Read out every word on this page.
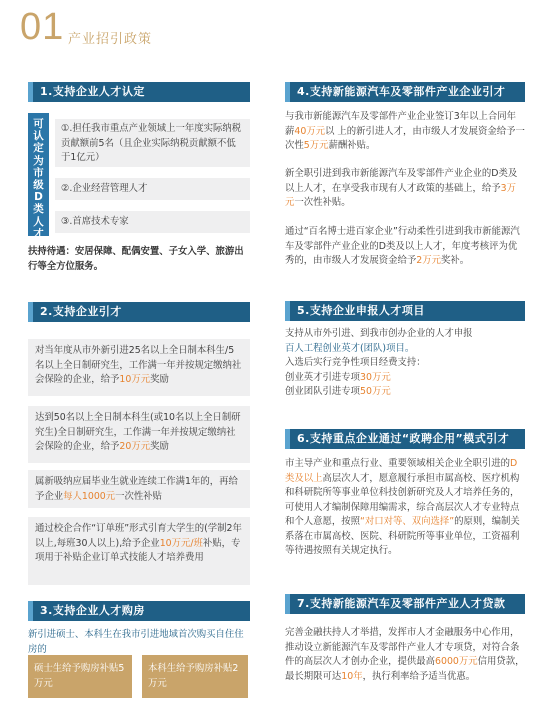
01 产业招引政策
1.支持企业人才认定
可
认
定
为
市
级
D
类
人
才
①.担任我市重点产业领域上一年度实际纳税贡献额前5名（且企业实际纳税贡献额不低于1亿元）
②.企业经营管理人才
③.首席技术专家
扶持待遇：安居保障、配偶安置、子女入学、旅游出行等全方位服务。
2.支持企业引才
对当年度从市外新引进25名以上全日制本科生/5名以上全日制研究生，工作满一年并按规定缴纳社会保险的企业，给予10万元奖励
达到50名以上全日制本科生(或10名以上全日制研究生)全日制研究生，工作满一年并按规定缴纳社会保险的企业，给予20万元奖励
属新吸纳应届毕业生就业连续工作满1年的，再给予企业每人1000元一次性补贴
通过校企合作“订单班”形式引育大学生的(学制2年以上,每班30人以上),给予企业10万元/班补贴，专项用于补贴企业订单式技能人才培养费用
3.支持企业人才购房
新引进硕士、本科生在我市引进地域首次购买自住住房的
硕士生给予购房补贴5万元
本科生给予购房补贴2万元
4.支持新能源汽车及零部件产业企业引才
与我市新能源汽车及零部件产业企业签订3年以上合同年薪40万元以 上的新引进人才，由市级人才发展资金给予一次性5万元薪酬补贴。
新全职引进到我市新能源汽车及零部件产业企业的D类及以上人才，在享受我市现有人才政策的基础上，给予3万元一次性补贴。
通过“百名博士进百家企业”行动柔性引进到我市新能源汽车及零部件产业企业的D类及以上人才，年度考核评为优秀的，由市级人才发展资金给予2万元奖补。
5.支持企业申报人才项目
支持从市外引进、到我市创办企业的人才申报
百人工程创业英才(团队)项目。
入选后实行竞争性项目经费支持：
创业英才引进专项30万元
创业团队引进专项50万元
6.支持重点企业通过“政聘企用”模式引才
市主导产业和重点行业、重要领域相关企业全职引进的D类及以上高层次人才，愿意履行承担市属高校、医疗机构和科研院所等事业单位科技创新研究及人才培养任务的，可使用人才编制保障用编需求，综合高层次人才专业特点和个人意愿，按照“对口对等、双向选择”的原则，编制关系落在市属高校、医院、科研院所等事业单位，工资福利等待遇按照有关规定执行。
7.支持新能源汽车及零部件产业人才贷款
完善金融扶持人才举措，发挥市人才金融服务中心作用，推动设立新能源汽车及零部件产业人才专项贷，对符合条件的高层次人才创办企业，提供最高6000万元信用贷款，最长期限可达10年，执行利率给予适当优惠。
